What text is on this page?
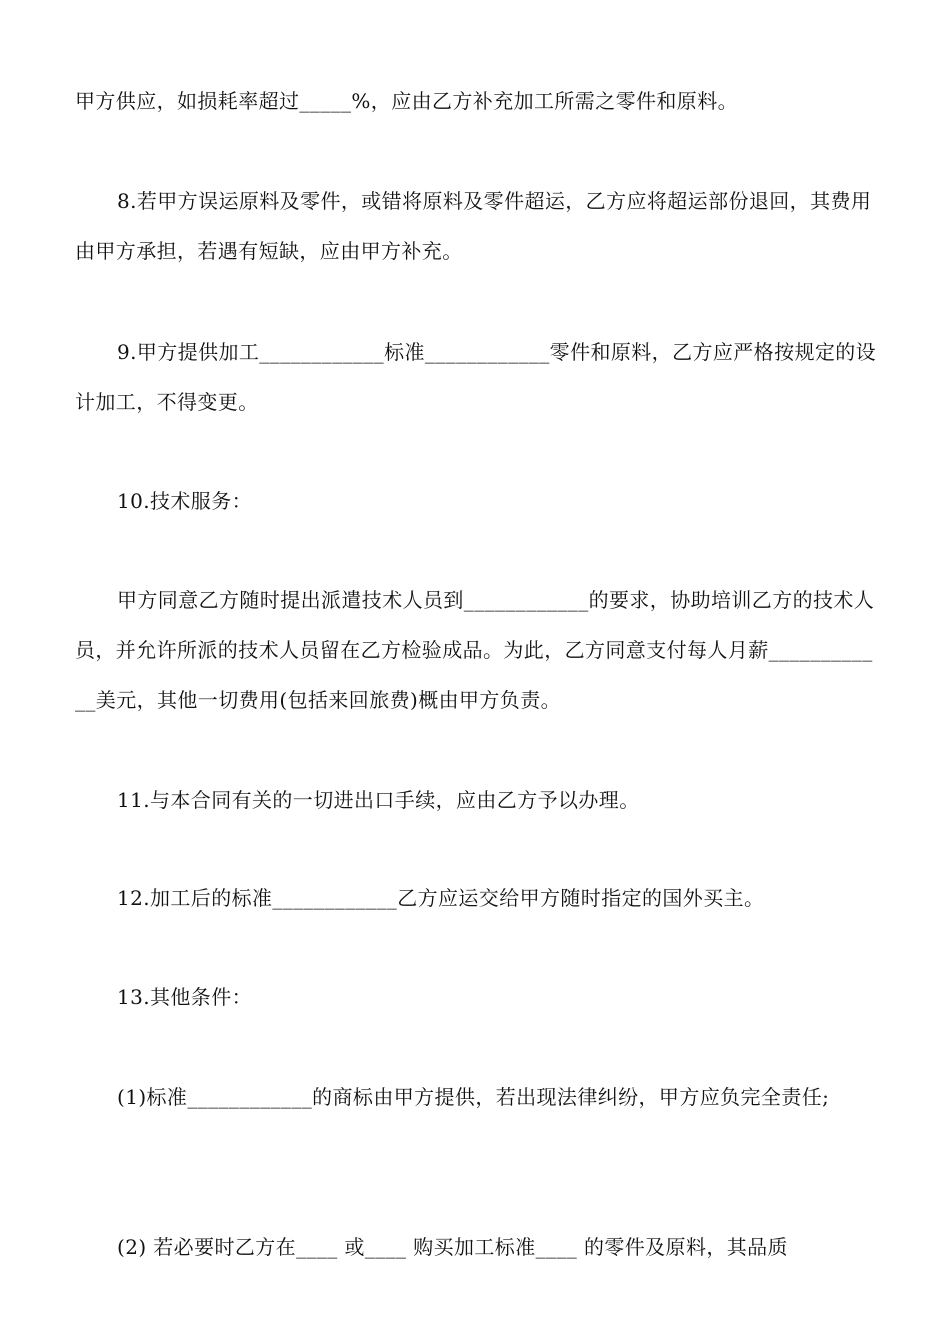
甲方供应，如损耗率超过_____%，应由乙方补充加工所需之零件和原料。

8.若甲方误运原料及零件，或错将原料及零件超运，乙方应将超运部份退回，其费用由甲方承担，若遇有短缺，应由甲方补充。

9.甲方提供加工____________标准____________零件和原料，乙方应严格按规定的设计加工，不得变更。

10.技术服务：

甲方同意乙方随时提出派遣技术人员到____________的要求，协助培训乙方的技术人员，并允许所派的技术人员留在乙方检验成品。为此，乙方同意支付每人月薪____________美元，其他一切费用(包括来回旅费)概由甲方负责。

11.与本合同有关的一切进出口手续，应由乙方予以办理。

12.加工后的标准____________乙方应运交给甲方随时指定的国外买主。

13.其他条件：

(1)标准____________的商标由甲方提供，若出现法律纠纷，甲方应负完全责任;

(2) 若必要时乙方在____ 或____ 购买加工标准____ 的零件及原料，其品质
